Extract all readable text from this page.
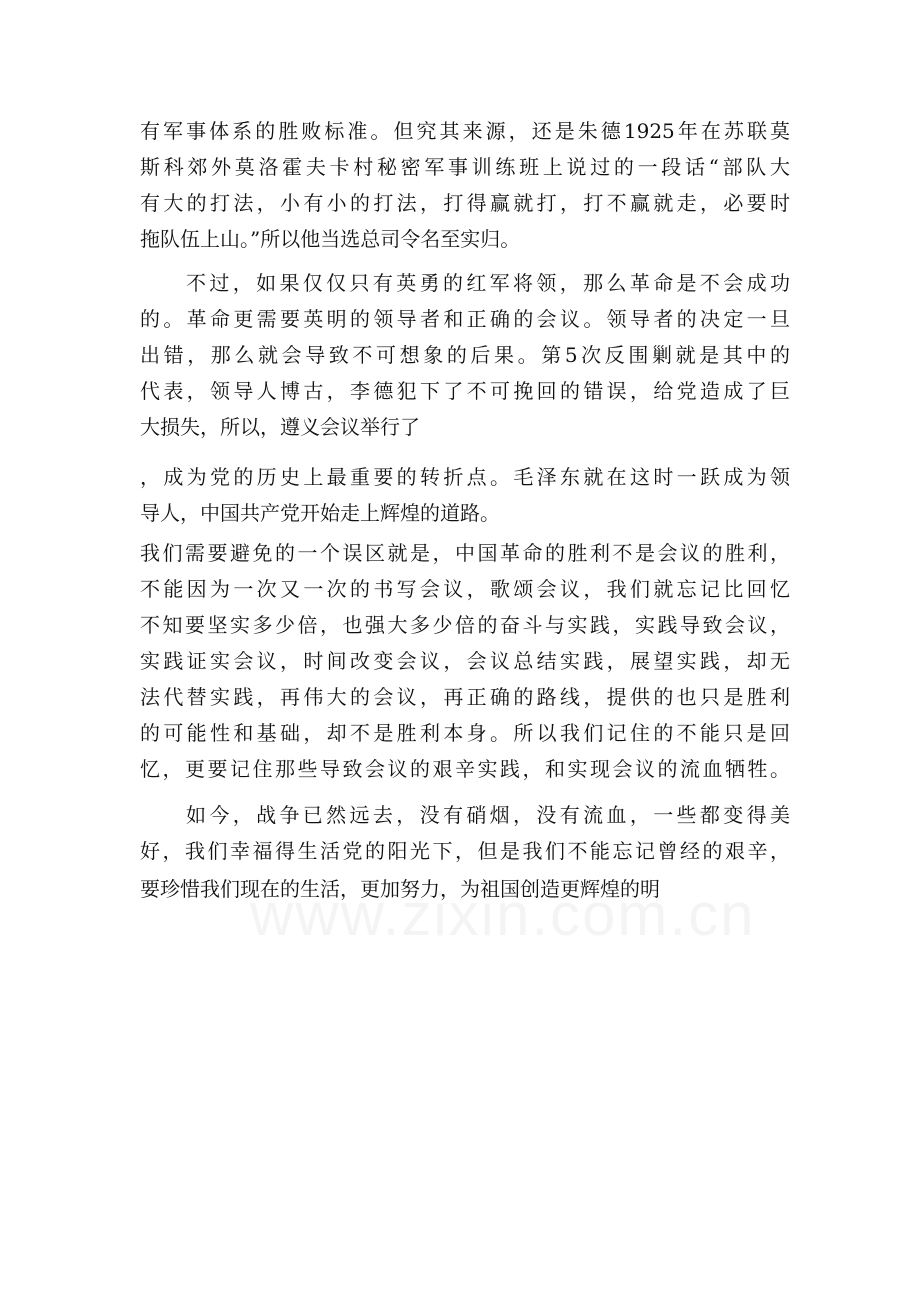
有军事体系的胜败标准。但究其来源，还是朱德1925年在苏联莫
斯科郊外莫洛霍夫卡村秘密军事训练班上说过的一段话“部队大
有大的打法，小有小的打法，打得赢就打，打不赢就走，必要时
拖队伍上山。”所以他当选总司令名至实归。
不过，如果仅仅只有英勇的红军将领，那么革命是不会成功
的。革命更需要英明的领导者和正确的会议。领导者的决定一旦
出错，那么就会导致不可想象的后果。第5次反围剿就是其中的
代表，领导人博古，李德犯下了不可挽回的错误，给党造成了巨
大损失，所以，遵义会议举行了
，成为党的历史上最重要的转折点。毛泽东就在这时一跃成为领
导人，中国共产党开始走上辉煌的道路。
我们需要避免的一个误区就是，中国革命的胜利不是会议的胜利，
不能因为一次又一次的书写会议，歌颂会议，我们就忘记比回忆
不知要坚实多少倍，也强大多少倍的奋斗与实践，实践导致会议，
实践证实会议，时间改变会议，会议总结实践，展望实践，却无
法代替实践，再伟大的会议，再正确的路线，提供的也只是胜利
的可能性和基础，却不是胜利本身。所以我们记住的不能只是回
忆，更要记住那些导致会议的艰辛实践，和实现会议的流血牺牲。
如今，战争已然远去，没有硝烟，没有流血，一些都变得美
好，我们幸福得生活党的阳光下，但是我们不能忘记曾经的艰辛，
要珍惜我们现在的生活，更加努力，为祖国创造更辉煌的明
